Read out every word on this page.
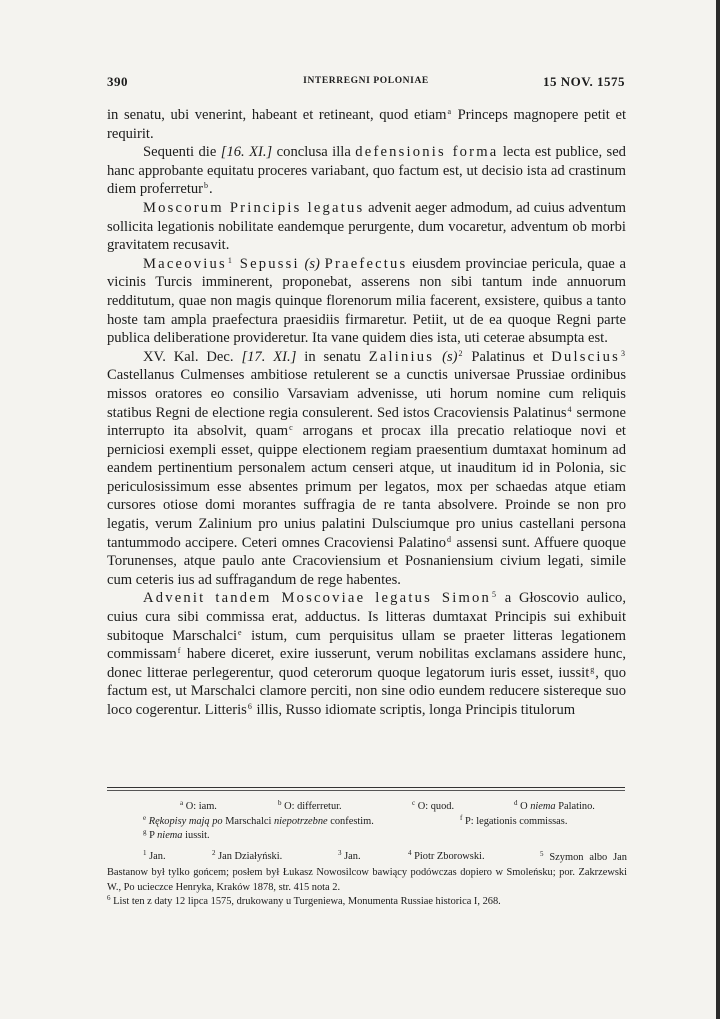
390	INTERREGNI POLONIAE	15 NOV. 1575

in senatu, ubi venerint, habeant et retineant, quod etiam$^a$ Princeps magnopere petit et requirit.

Sequenti die [16. XI.] conclusa illa defensionis forma lecta est publice, sed hanc approbante equitatu proceres variabant, quo factum est, ut decisio ista ad crastinum diem proferretur$^b$.

Moscorum Principis legatus advenit aeger admodum, ad cuius adventum sollicita legationis nobilitate eandemque perurgente, dum vocaretur, adventum ob morbi gravitatem recusavit.

Maceovius$^1$ Sepussi (s) Praefectus eiusdem provinciae pericula, quae a vicinis Turcis imminerent, proponebat, asserens non sibi tantum inde annuorum redditutum, quae non magis quinque florenorum milia facerent, exsistere, quibus a tanto hoste tam ampla praefectura praesidiis firmaretur. Petiit, ut de ea quoque Regni parte publica deliberatione provideretur. Ita vane quidem dies ista, uti ceterae absumpta est.

XV. Kal. Dec. [17. XI.] in senatu Zalinius $(s)^2$ Palatinus et Dulscius$^3$ Castellanus Culmenses ambitiose retulerent se a cunctis universae Prussiae ordinibus missos oratores eo consilio Varsaviam advenisse, uti horum nomine cum reliquis statibus Regni de electione regia consulerent. Sed istos Cracoviensis Palatinus$^4$ sermone interrupto ita absolvit, quam$^c$ arrogans et procax illa precatio relatioque novi et perniciosi exempli esset, quippe electionem regiam praesentium dumtaxat hominum ad eandem pertinentium personalem actum censeri atque, ut inauditum id in Polonia, sic periculosissimum esse absentes primum per legatos, mox per schaedas atque etiam cursores otiose domi morantes suffragia de re tanta absolvere. Proinde se non pro legatis, verum Zalinium pro unius palatini Dulsciumque pro unius castellani persona tantummodo accipere. Ceteri omnes Cracoviensi Palatino$^d$ assensi sunt. Affuere quoque Torunenses, atque paulo ante Cracoviensium et Posnaniensium civium legati, simile cum ceteris ius ad suffragandum de rege habentes.

Advenit tandem Moscoviae legatus Simon$^5$ a Głoscovio aulico, cuius cura sibi commissa erat, adductus. Is litteras dumtaxat Principis sui exhibuit subitoque Marschalci$^e$ istum, cum perquisitus ullam se praeter litteras legationem commissam$^f$ habere diceret, exire iusserunt, verum nobilitas exclamans assidere hunc, donec litterae perlegerentur, quod ceterorum quoque legatorum iuris esset, iussit$^g$, quo factum est, ut Marschalci clamore perciti, non sine odio eundem reducere sistereque suo loco cogerentur. Litteris$^6$ illis, Russo idiomate scriptis, longa Principis titulorum

$^a$ O: iam.	$^b$ O: differretur.	$^c$ O: quod.	$^d$ O niema Palatino.
$^e$ Rękopisy mają po Marschalci niepotrzebne confestim.	$^f$ P: legationis commissas.
$^g$ P niema iussit.
$^1$ Jan.	$^2$ Jan Działyński.	$^3$ Jan.	$^4$ Piotr Zborowski.	$^5$ Szymon albo Jan Bastanow był tylko gońcem; posłem był Łukasz Nowosilcow bawiący podówczas dopiero w Smoleńsku; por. Zakrzewski W., Po ucieczce Henryka, Kraków 1878, str. 415 nota 2.
$^6$ List ten z daty 12 lipca 1575, drukowany u Turgeniewa, Monumenta Russiae historica I, 268.
